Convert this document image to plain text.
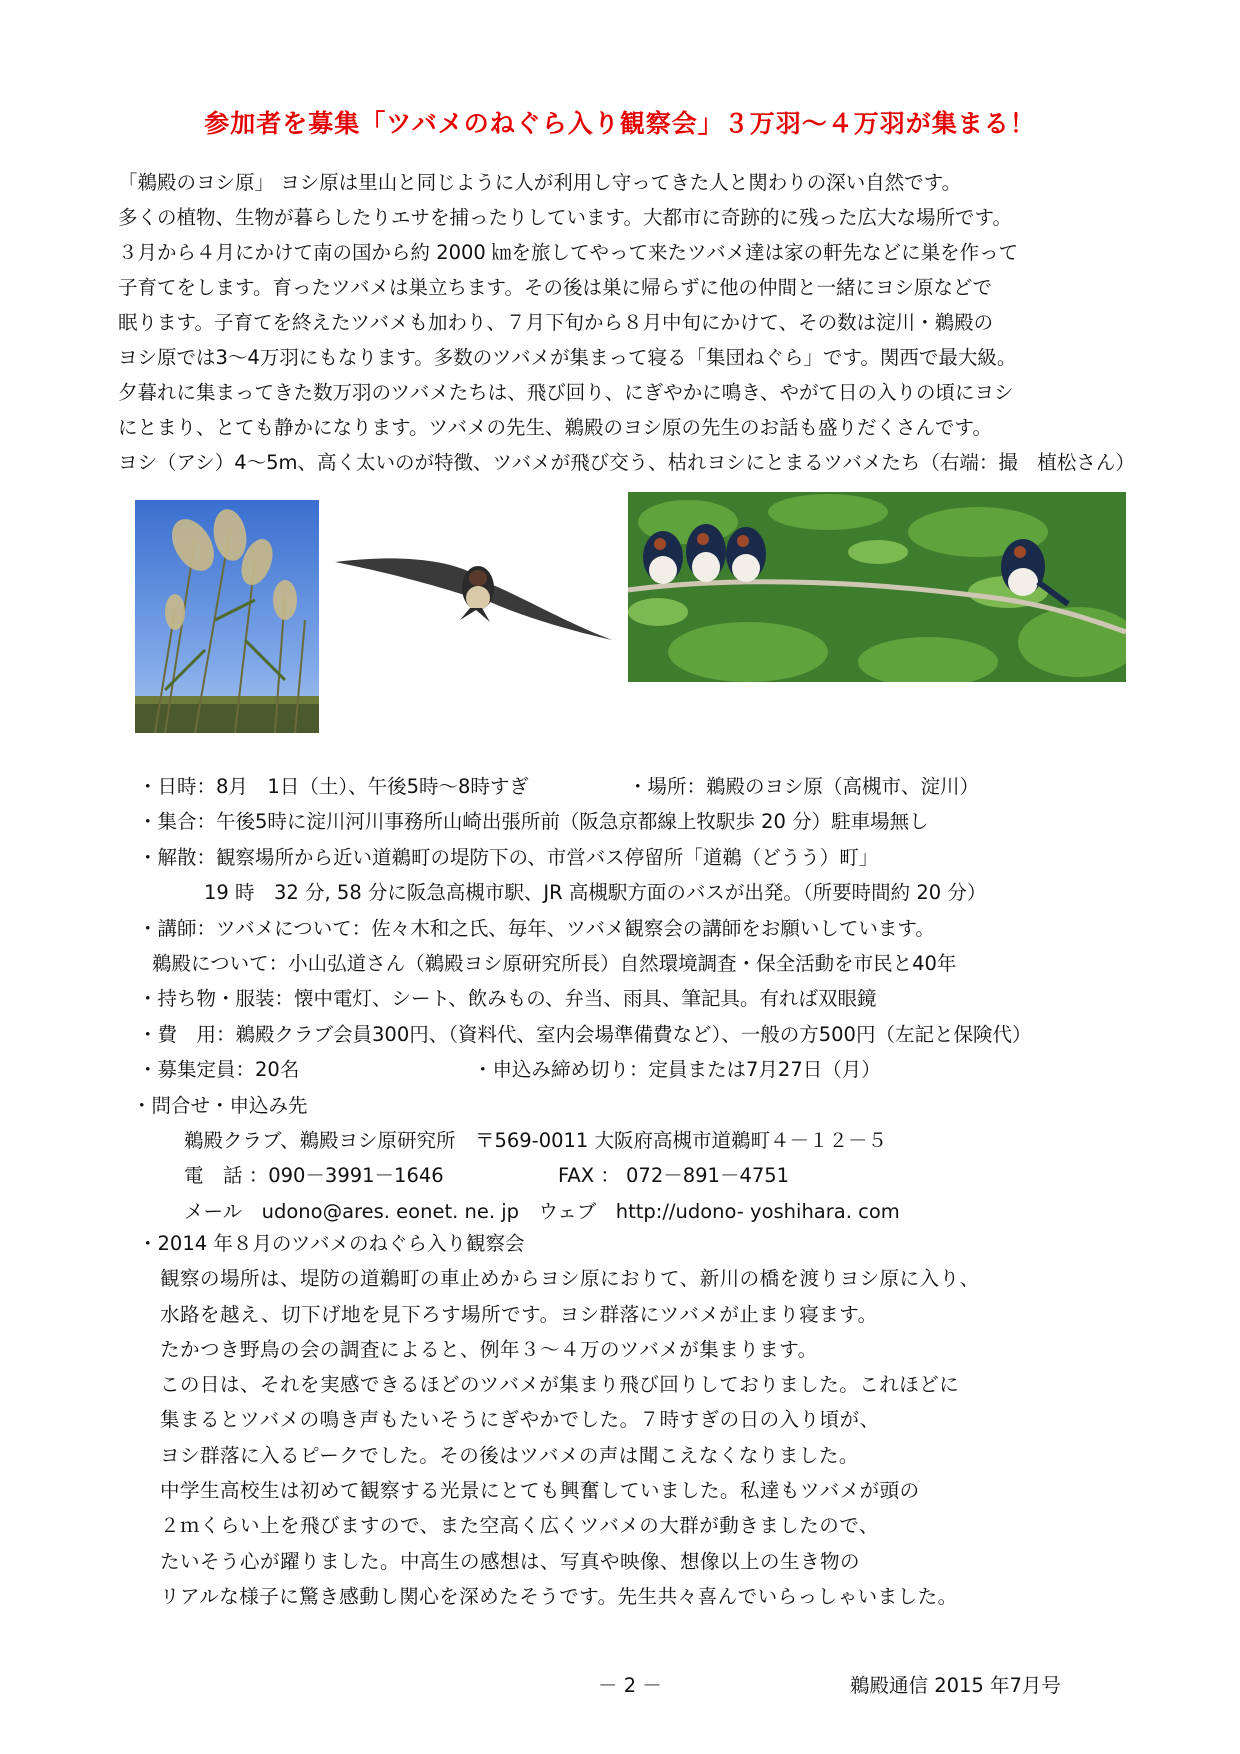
参加者を募集「ツバメのねぐら入り観察会」３万羽～４万羽が集まる！
「鵜殿のヨシ原」 ヨシ原は里山と同じように人が利用し守ってきた人と関わりの深い自然です。
多くの植物、生物が暮らしたりエサを捕ったりしています。大都市に奇跡的に残った広大な場所です。
３月から４月にかけて南の国から約 2000 ㎞を旅してやって来たツバメ達は家の軒先などに巣を作って
子育てをします。育ったツバメは巣立ちます。その後は巣に帰らずに他の仲間と一緒にヨシ原などで
眠ります。子育てを終えたツバメも加わり、７月下旬から８月中旬にかけて、その数は淀川・鵜殿の
ヨシ原では3～4万羽にもなります。多数のツバメが集まって寝る「集団ねぐら」です。関西で最大級。
夕暮れに集まってきた数万羽のツバメたちは、飛び回り、にぎやかに鳴き、やがて日の入りの頃にヨシ
にとまり、とても静かになります。ツバメの先生、鵜殿のヨシ原の先生のお話も盛りだくさんです。
ヨシ（アシ）4～5m、高く太いのが特徴、ツバメが飛び交う、枯れヨシにとまるツバメたち（右端：撮　植松さん）
・日時：8月　1日（土）、午後5時～8時すぎ	・場所：鵜殿のヨシ原（高槻市、淀川）
・集合：午後5時に淀川河川事務所山崎出張所前（阪急京都線上牧駅歩 20 分）駐車場無し
・解散：観察場所から近い道鵜町の堤防下の、市営バス停留所「道鵜（どうう）町」
19 時　32 分, 58 分に阪急高槻市駅、JR 高槻駅方面のバスが出発。（所要時間約 20 分）
・講師：ツバメについて：佐々木和之氏、毎年、ツバメ観察会の講師をお願いしています。
鵜殿について：小山弘道さん（鵜殿ヨシ原研究所長）自然環境調査・保全活動を市民と40年
・持ち物・服装：懐中電灯、シート、飲みもの、弁当、雨具、筆記具。有れば双眼鏡
・費　用：鵜殿クラブ会員300円、（資料代、室内会場準備費など）、一般の方500円（左記と保険代）
・募集定員：20名	・申込み締め切り：定員または7月27日（月）
・問合せ・申込み先
鵜殿クラブ、鵜殿ヨシ原研究所　〒569-0011 大阪府高槻市道鵜町４－１２－５
電　話 ：090－3991－1646	FAX ： 072－891－4751
メール　udono@ares. eonet. ne. jp　ウェブ　http://udono- yoshihara. com
・2014 年８月のツバメのねぐら入り観察会
観察の場所は、堤防の道鵜町の車止めからヨシ原におりて、新川の橋を渡りヨシ原に入り、
水路を越え、切下げ地を見下ろす場所です。ヨシ群落にツバメが止まり寝ます。
たかつき野鳥の会の調査によると、例年３～４万のツバメが集まります。
この日は、それを実感できるほどのツバメが集まり飛び回りしておりました。これほどに
集まるとツバメの鳴き声もたいそうにぎやかでした。７時すぎの日の入り頃が、
ヨシ群落に入るピークでした。その後はツバメの声は聞こえなくなりました。
中学生高校生は初めて観察する光景にとても興奮していました。私達もツバメが頭の
２ｍくらい上を飛びますので、また空高く広くツバメの大群が動きましたので、
たいそう心が躍りました。中高生の感想は、写真や映像、想像以上の生き物の
リアルな様子に驚き感動し関心を深めたそうです。先生共々喜んでいらっしゃいました。
－ 2 －	鵜殿通信 2015 年7月号
